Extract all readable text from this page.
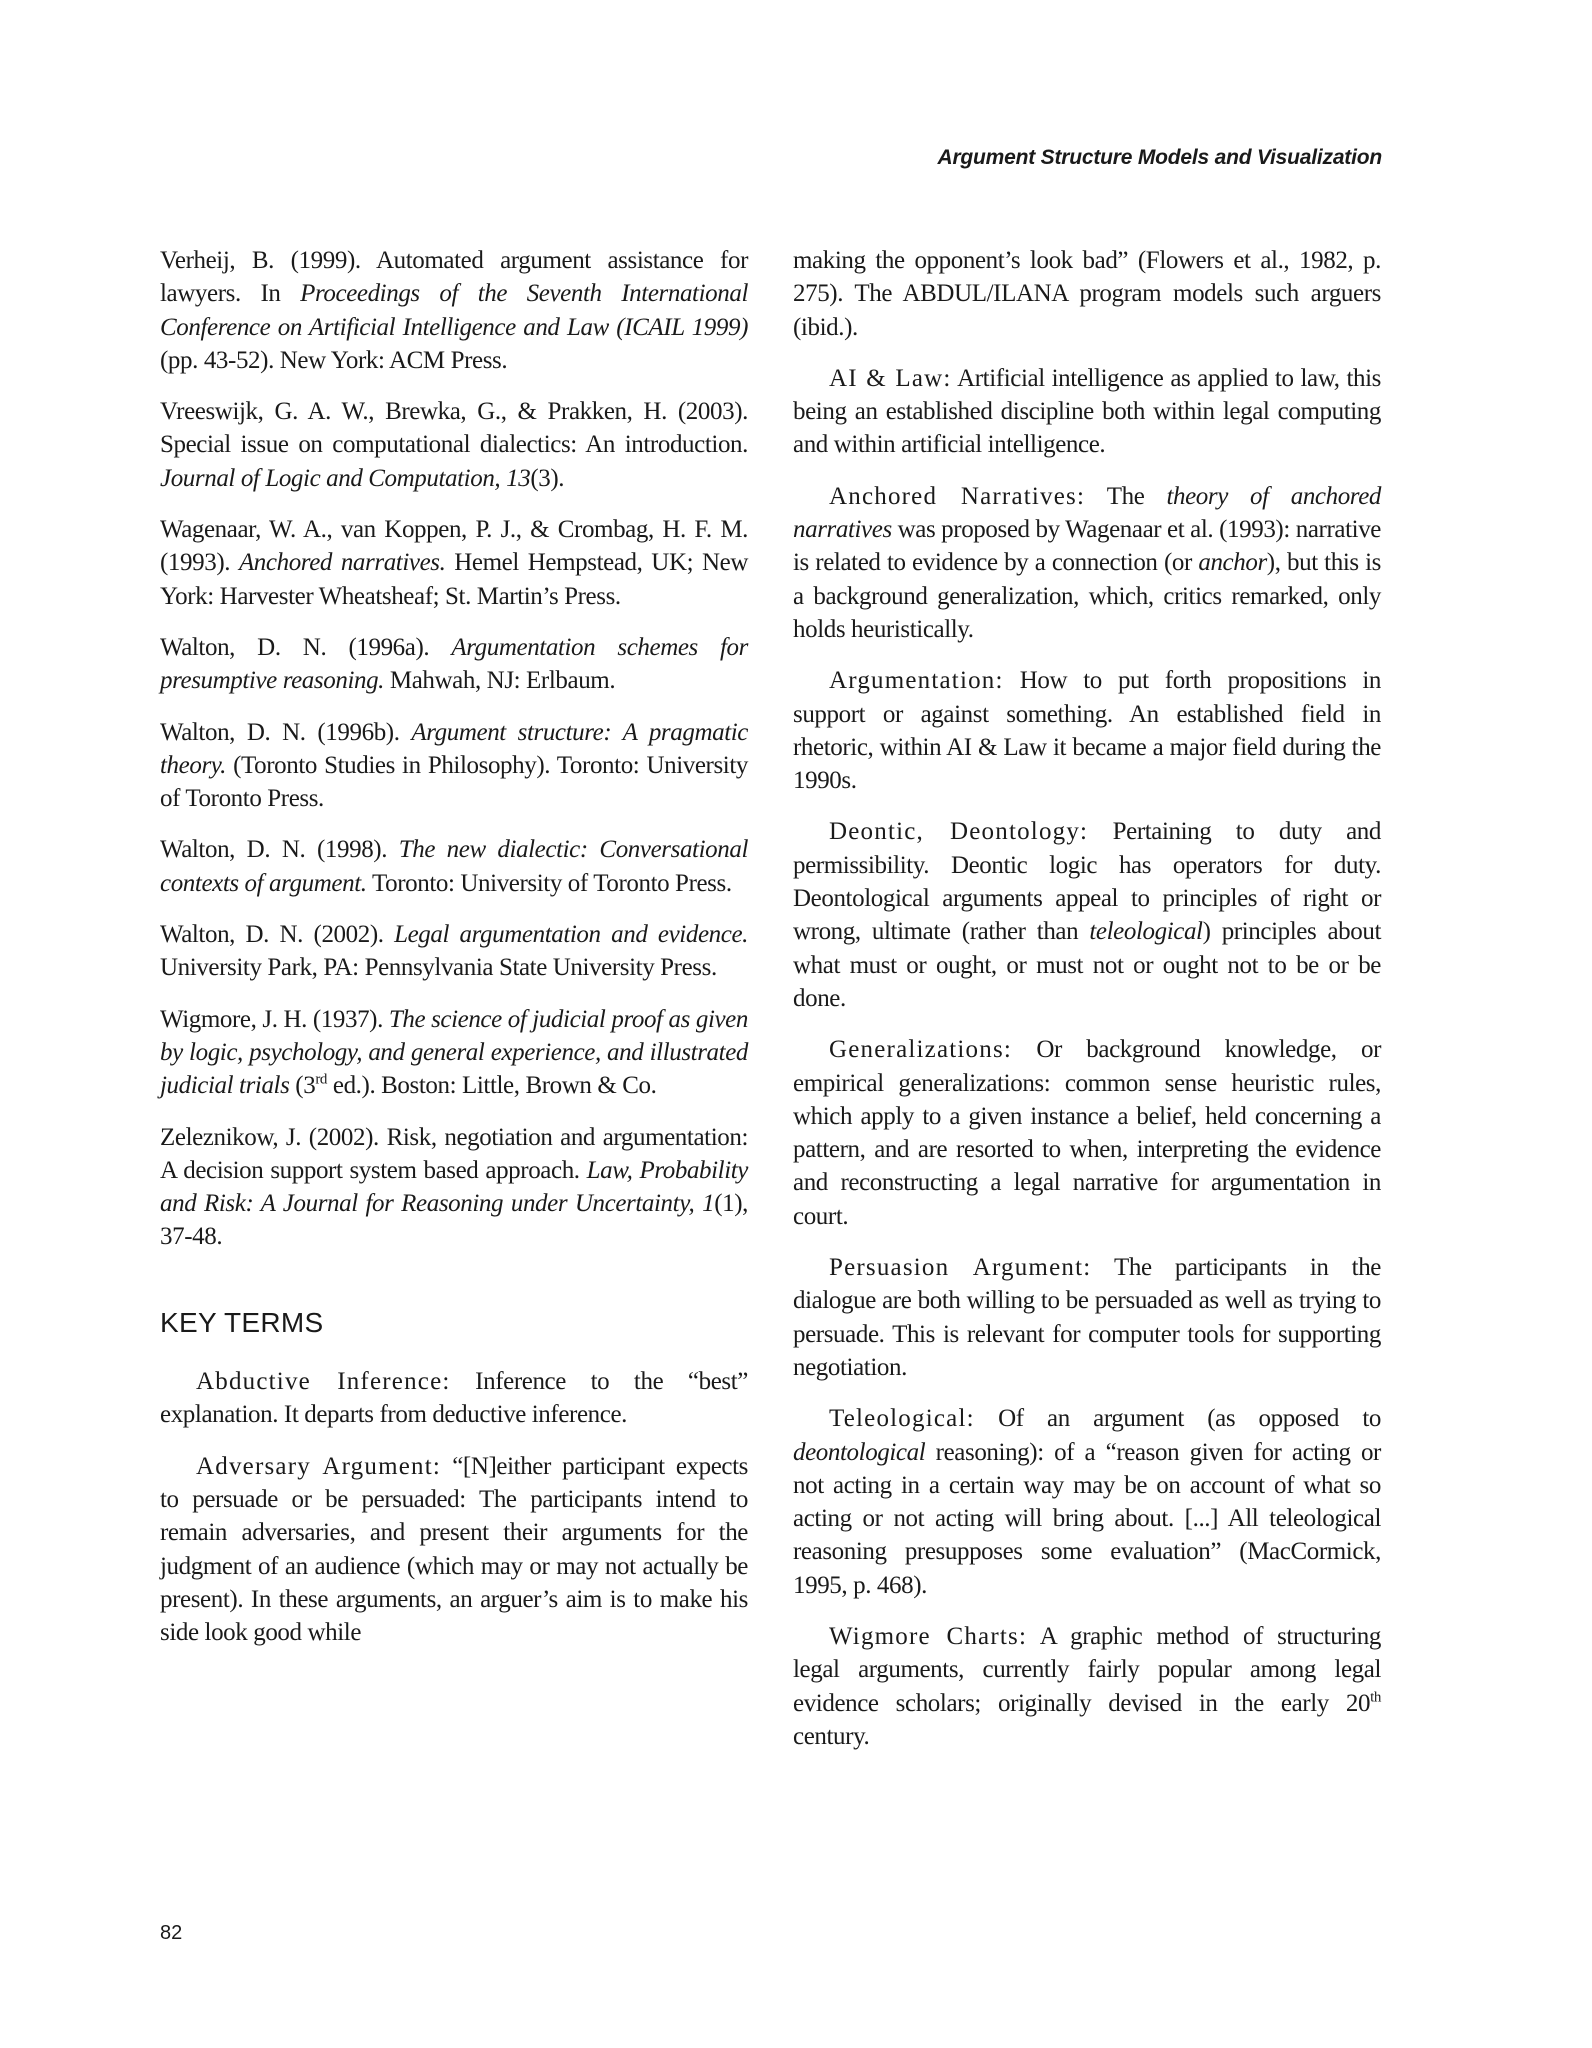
Argument Structure Models and Visualization

Verheij, B. (1999). Automated argument assistance for lawyers. In Proceedings of the Seventh International Conference on Artificial Intelligence and Law (ICAIL 1999) (pp. 43-52). New York: ACM Press.

Vreeswijk, G. A. W., Brewka, G., & Prakken, H. (2003). Special issue on computational dialectics: An introduction. Journal of Logic and Computation, 13(3).

Wagenaar, W. A., van Koppen, P. J., & Crombag, H. F. M. (1993). Anchored narratives. Hemel Hempstead, UK; New York: Harvester Wheatsheaf; St. Martin’s Press.

Walton, D. N. (1996a). Argumentation schemes for presumptive reasoning. Mahwah, NJ: Erlbaum.

Walton, D. N. (1996b). Argument structure: A pragmatic theory. (Toronto Studies in Philosophy). Toronto: University of Toronto Press.

Walton, D. N. (1998). The new dialectic: Conversational contexts of argument. Toronto: University of Toronto Press.

Walton, D. N. (2002). Legal argumentation and evidence. University Park, PA: Pennsylvania State University Press.

Wigmore, J. H. (1937). The science of judicial proof as given by logic, psychology, and general experience, and illustrated judicial trials (3rd ed.). Boston: Little, Brown & Co.

Zeleznikow, J. (2002). Risk, negotiation and argumentation: A decision support system based approach. Law, Probability and Risk: A Journal for Reasoning under Uncertainty, 1(1), 37-48.

KEY TERMS

Abductive Inference: Inference to the “best” explanation. It departs from deductive inference.

Adversary Argument: “[N]either participant expects to persuade or be persuaded: The participants intend to remain adversaries, and present their arguments for the judgment of an audience (which may or may not actually be present). In these arguments, an arguer’s aim is to make his side look good while

making the opponent’s look bad” (Flowers et al., 1982, p. 275). The ABDUL/ILANA program models such arguers (ibid.).

AI & Law: Artificial intelligence as applied to law, this being an established discipline both within legal computing and within artificial intelligence.

Anchored Narratives: The theory of anchored narratives was proposed by Wagenaar et al. (1993): narrative is related to evidence by a connection (or anchor), but this is a background generalization, which, critics remarked, only holds heuristically.

Argumentation: How to put forth propositions in support or against something. An established field in rhetoric, within AI & Law it became a major field during the 1990s.

Deontic, Deontology: Pertaining to duty and permissibility. Deontic logic has operators for duty. Deontological arguments appeal to principles of right or wrong, ultimate (rather than teleological) principles about what must or ought, or must not or ought not to be or be done.

Generalizations: Or background knowledge, or empirical generalizations: common sense heuristic rules, which apply to a given instance a belief, held concerning a pattern, and are resorted to when, interpreting the evidence and reconstructing a legal narrative for argumentation in court.

Persuasion Argument: The participants in the dialogue are both willing to be persuaded as well as trying to persuade. This is relevant for computer tools for supporting negotiation.

Teleological: Of an argument (as opposed to deontological reasoning): of a “reason given for acting or not acting in a certain way may be on account of what so acting or not acting will bring about. [...] All teleological reasoning presupposes some evaluation” (MacCormick, 1995, p. 468).

Wigmore Charts: A graphic method of structuring legal arguments, currently fairly popular among legal evidence scholars; originally devised in the early 20th century.

82
